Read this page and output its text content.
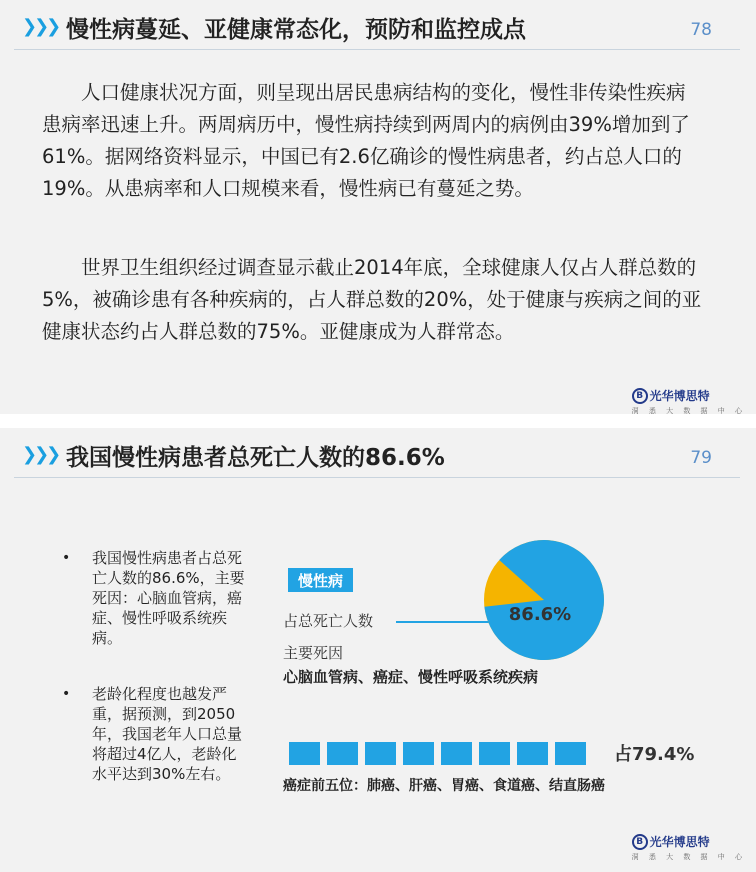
❯❯❯ 慢性病蔓延、亚健康常态化，预防和监控成点	78

人口健康状况方面，则呈现出居民患病结构的变化，慢性非传染性疾病患病率迅速上升。两周病历中，慢性病持续到两周内的病例由39%增加到了61%。据网络资料显示，中国已有2.6亿确诊的慢性病患者，约占总人口的19%。从患病率和人口规模来看，慢性病已有蔓延之势。

世界卫生组织经过调查显示截止2014年底，全球健康人仅占人群总数的5%，被确诊患有各种疾病的，占人群总数的20%，处于健康与疾病之间的亚健康状态约占人群总数的75%。亚健康成为人群常态。

B 光华博思特
洞 悉 大 数 据 中 心
❯❯❯ 我国慢性病患者总死亡人数的86.6%	79
• 我国慢性病患者占总死亡人数的86.6%，主要死因：心脑血管病，癌症、慢性呼吸系统疾病。
• 老龄化程度也越发严重，据预测，到2050年，我国老年人口总量将超过4亿人，老龄化水平达到30%左右。
慢性病
占总死亡人数	86.6%
主要死因
心脑血管病、癌症、慢性呼吸系统疾病
占79.4%
癌症前五位：肺癌、肝癌、胃癌、食道癌、结直肠癌
B 光华博思特
洞 悉 大 数 据 中 心
